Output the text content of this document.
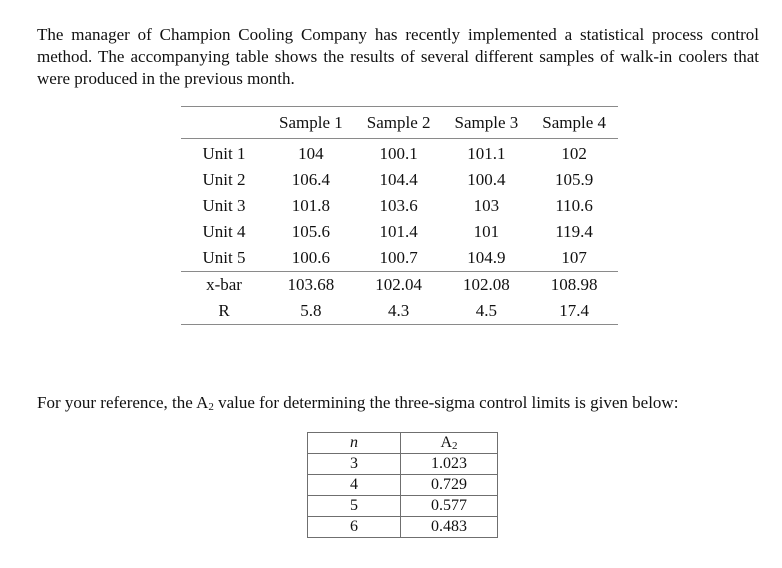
The manager of Champion Cooling Company has recently implemented a statistical process control method. The accompanying table shows the results of several different samples of walk-in coolers that were produced in the previous month.

	Sample 1	Sample 2	Sample 3	Sample 4
Unit 1	104	100.1	101.1	102
Unit 2	106.4	104.4	100.4	105.9
Unit 3	101.8	103.6	103	110.6
Unit 4	105.6	101.4	101	119.4
Unit 5	100.6	100.7	104.9	107
x-bar	103.68	102.04	102.08	108.98
R	5.8	4.3	4.5	17.4

For your reference, the $A_2$ value for determining the three-sigma control limits is given below:

n	$A_2$
3	1.023
4	0.729
5	0.577
6	0.483
